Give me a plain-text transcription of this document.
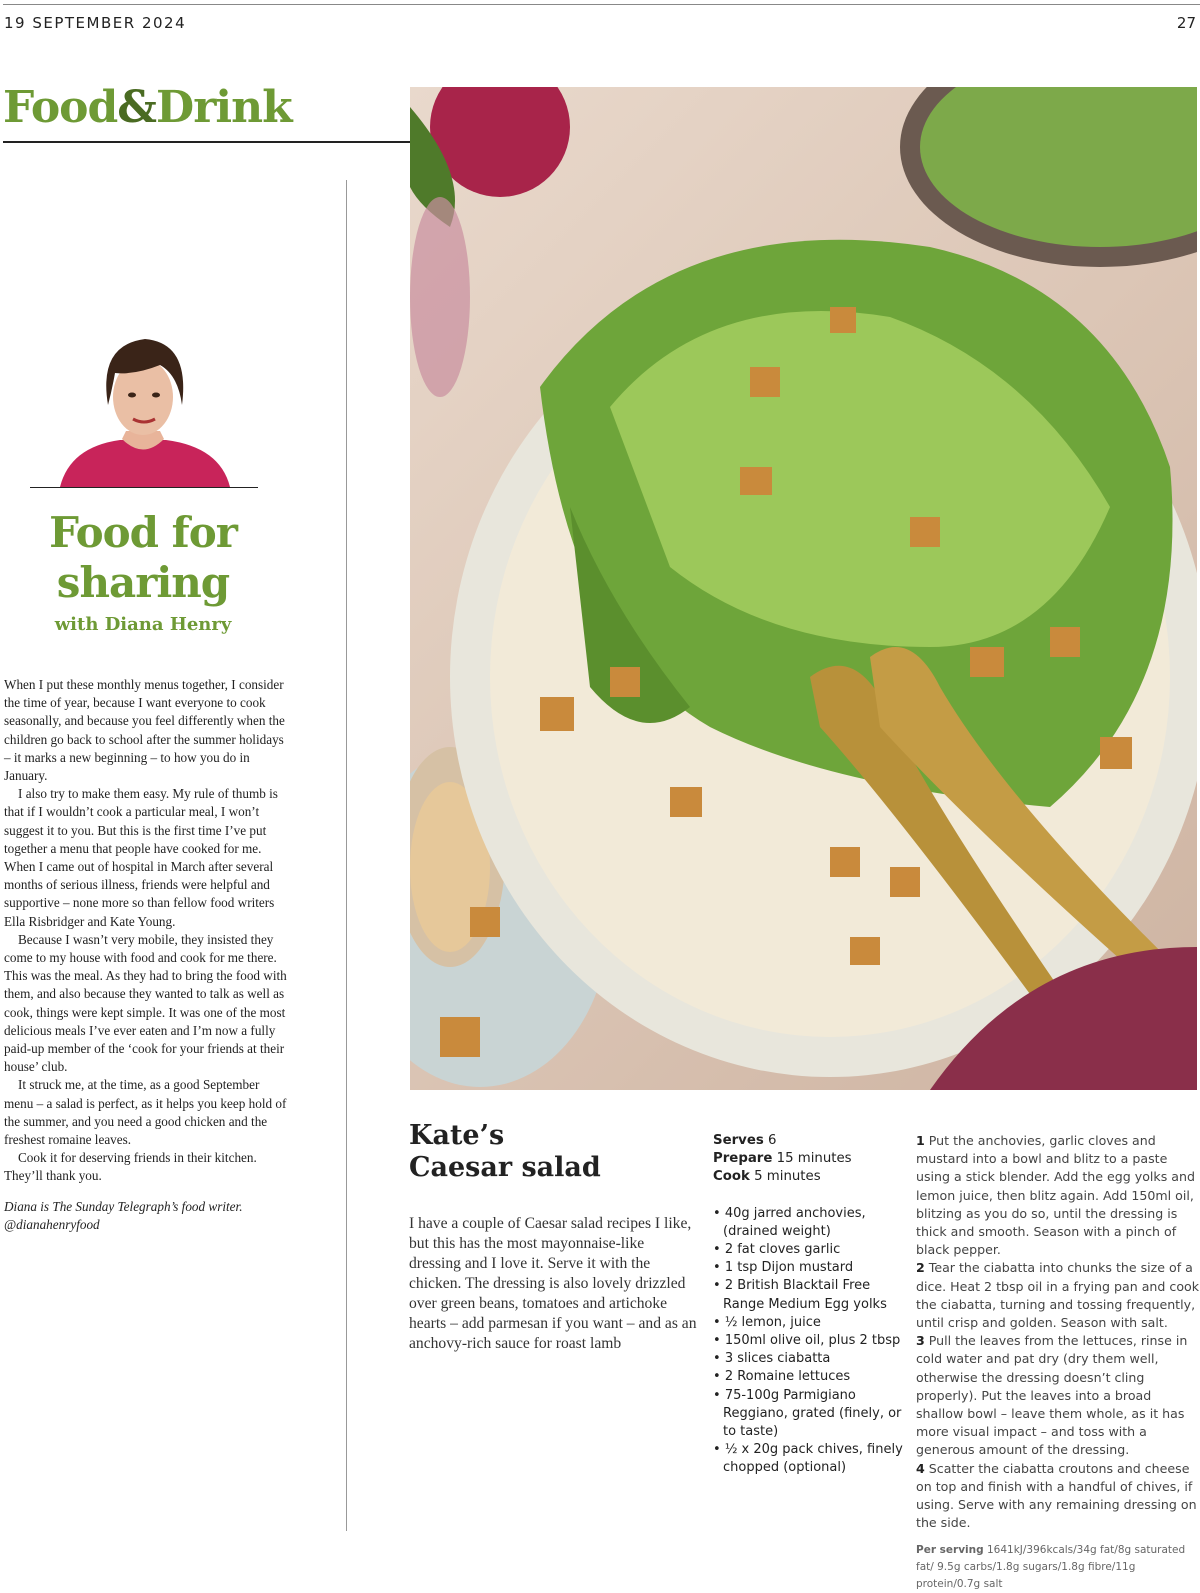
19 SEPTEMBER 2024	27
Food&Drink
Food for
sharing
with Diana Henry

When I put these monthly menus together, I consider the time of year, because I want everyone to cook seasonally, and because you feel differently when the children go back to school after the summer holidays – it marks a new beginning – to how you do in January.

I also try to make them easy. My rule of thumb is that if I wouldn’t cook a particular meal, I won’t suggest it to you. But this is the first time I’ve put together a menu that people have cooked for me. When I came out of hospital in March after several months of serious illness, friends were helpful and supportive – none more so than fellow food writers Ella Risbridger and Kate Young.

Because I wasn’t very mobile, they insisted they come to my house with food and cook for me there. This was the meal. As they had to bring the food with them, and also because they wanted to talk as well as cook, things were kept simple. It was one of the most delicious meals I’ve ever eaten and I’m now a fully paid-up member of the ‘cook for your friends at their house’ club.

It struck me, at the time, as a good September menu – a salad is perfect, as it helps you keep hold of the summer, and you need a good chicken and the freshest romaine leaves.

Cook it for deserving friends in their kitchen. They’ll thank you.

Diana is The Sunday Telegraph’s food writer.
@dianahenryfood
Kate’s
Caesar salad
I have a couple of Caesar salad recipes I like, but this has the most mayonnaise-like dressing and I love it. Serve it with the chicken. The dressing is also lovely drizzled over green beans, tomatoes and artichoke hearts – add parmesan if you want – and as an anchovy-rich sauce for roast lamb
Serves 6
Prepare 15 minutes
Cook 5 minutes
• 40g jarred anchovies, (drained weight)
• 2 fat cloves garlic
• 1 tsp Dijon mustard
• 2 British Blacktail Free Range Medium Egg yolks
• ½ lemon, juice
• 150ml olive oil, plus 2 tbsp
• 3 slices ciabatta
• 2 Romaine lettuces
• 75-100g Parmigiano Reggiano, grated (finely, or to taste)
• ½ x 20g pack chives, finely chopped (optional)
1 Put the anchovies, garlic cloves and mustard into a bowl and blitz to a paste using a stick blender. Add the egg yolks and lemon juice, then blitz again. Add 150ml oil, blitzing as you do so, until the dressing is thick and smooth. Season with a pinch of black pepper.
2 Tear the ciabatta into chunks the size of a dice. Heat 2 tbsp oil in a frying pan and cook the ciabatta, turning and tossing frequently, until crisp and golden. Season with salt.
3 Pull the leaves from the lettuces, rinse in cold water and pat dry (dry them well, otherwise the dressing doesn’t cling properly). Put the leaves into a broad shallow bowl – leave them whole, as it has more visual impact – and toss with a generous amount of the dressing.
4 Scatter the ciabatta croutons and cheese on top and finish with a handful of chives, if using. Serve with any remaining dressing on the side.
Per serving 1641kJ/396kcals/34g fat/8g saturated fat/ 9.5g carbs/1.8g sugars/1.8g fibre/11g protein/0.7g salt
